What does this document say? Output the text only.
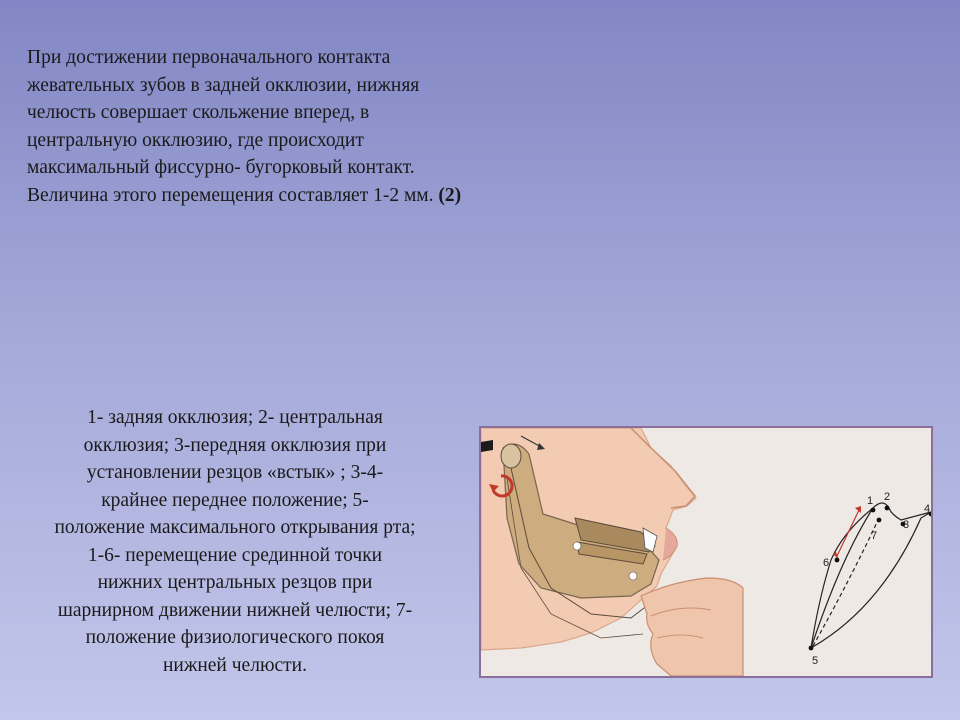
При достижении первоначального контакта
жевательных зубов в задней окклюзии, нижняя
челюсть совершает скольжение вперед, в
центральную окклюзию, где происходит
максимальный фиссурно- бугорковый контакт.
Величина этого перемещения составляет 1-2 мм. (2)
1- задняя окклюзия; 2- центральная
окклюзия; 3-передняя окклюзия при
установлении резцов «встык» ; 3-4-
крайнее переднее положение; 5-
положение максимального открывания рта;
1-6- перемещение срединной точки
нижних центральных резцов при
шарнирном движении нижней челюсти; 7-
положение физиологического покоя
нижней челюсти.
1 2
3
4
5
6
7
